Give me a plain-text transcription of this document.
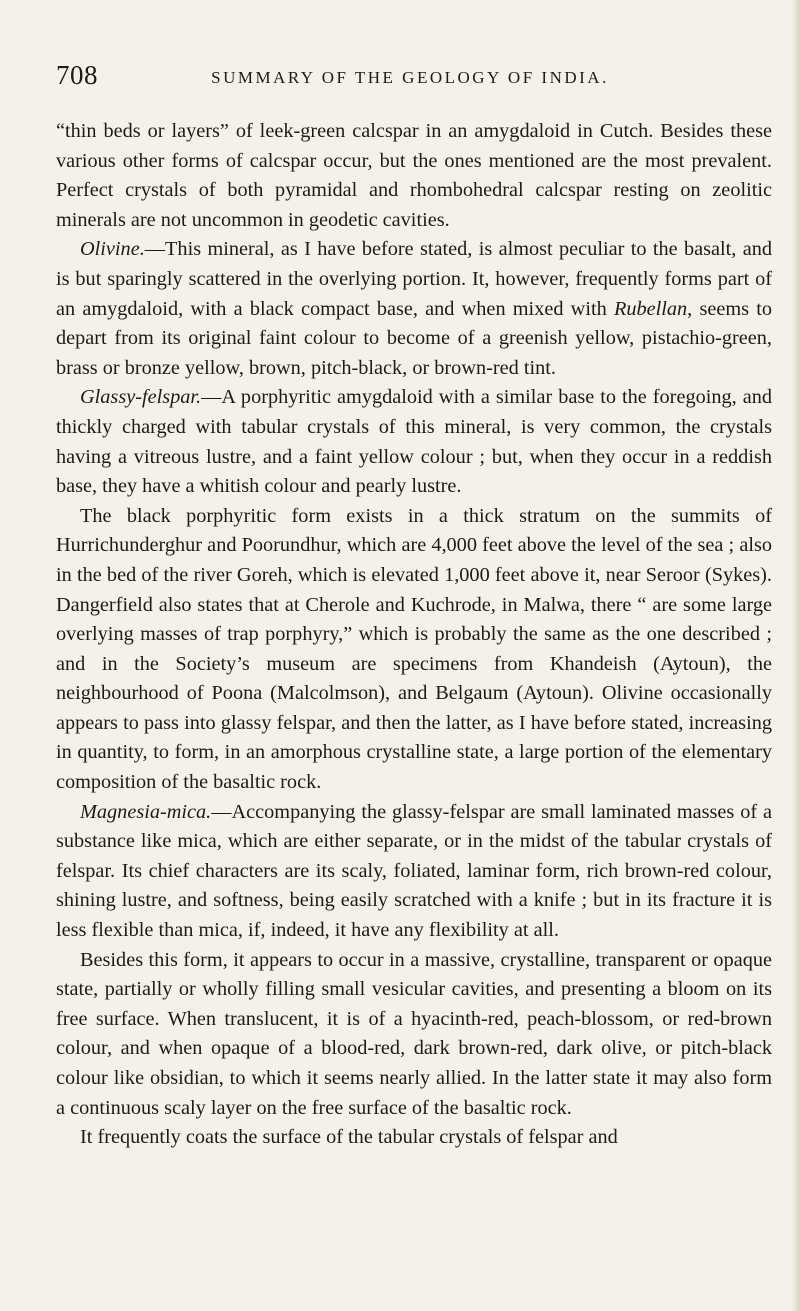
708	SUMMARY OF THE GEOLOGY OF INDIA.

“thin beds or layers” of leek-green calcspar in an amygdaloid in Cutch. Besides these various other forms of calcspar occur, but the ones mentioned are the most prevalent. Perfect crystals of both pyramidal and rhombohedral calcspar resting on zeolitic minerals are not uncommon in geodetic cavities.

Olivine.—This mineral, as I have before stated, is almost peculiar to the basalt, and is but sparingly scattered in the overlying portion. It, however, frequently forms part of an amygdaloid, with a black compact base, and when mixed with Rubellan, seems to depart from its original faint colour to become of a greenish yellow, pistachio-green, brass or bronze yellow, brown, pitch-black, or brown-red tint.

Glassy-felspar.—A porphyritic amygdaloid with a similar base to the foregoing, and thickly charged with tabular crystals of this mineral, is very common, the crystals having a vitreous lustre, and a faint yellow colour ; but, when they occur in a reddish base, they have a whitish colour and pearly lustre.

The black porphyritic form exists in a thick stratum on the summits of Hurrichunderghur and Poorundhur, which are 4,000 feet above the level of the sea ; also in the bed of the river Goreh, which is elevated 1,000 feet above it, near Seroor (Sykes). Dangerfield also states that at Cherole and Kuchrode, in Malwa, there “ are some large overlying masses of trap porphyry,” which is probably the same as the one described ; and in the Society’s museum are specimens from Khandeish (Aytoun), the neighbourhood of Poona (Malcolmson), and Belgaum (Aytoun). Olivine occasionally appears to pass into glassy felspar, and then the latter, as I have before stated, increasing in quantity, to form, in an amorphous crystalline state, a large portion of the elementary composition of the basaltic rock.

Magnesia-mica.—Accompanying the glassy-felspar are small laminated masses of a substance like mica, which are either separate, or in the midst of the tabular crystals of felspar. Its chief characters are its scaly, foliated, laminar form, rich brown-red colour, shining lustre, and softness, being easily scratched with a knife ; but in its fracture it is less flexible than mica, if, indeed, it have any flexibility at all.

Besides this form, it appears to occur in a massive, crystalline, transparent or opaque state, partially or wholly filling small vesicular cavities, and presenting a bloom on its free surface. When translucent, it is of a hyacinth-red, peach-blossom, or red-brown colour, and when opaque of a blood-red, dark brown-red, dark olive, or pitch-black colour like obsidian, to which it seems nearly allied. In the latter state it may also form a continuous scaly layer on the free surface of the basaltic rock.

It frequently coats the surface of the tabular crystals of felspar and
